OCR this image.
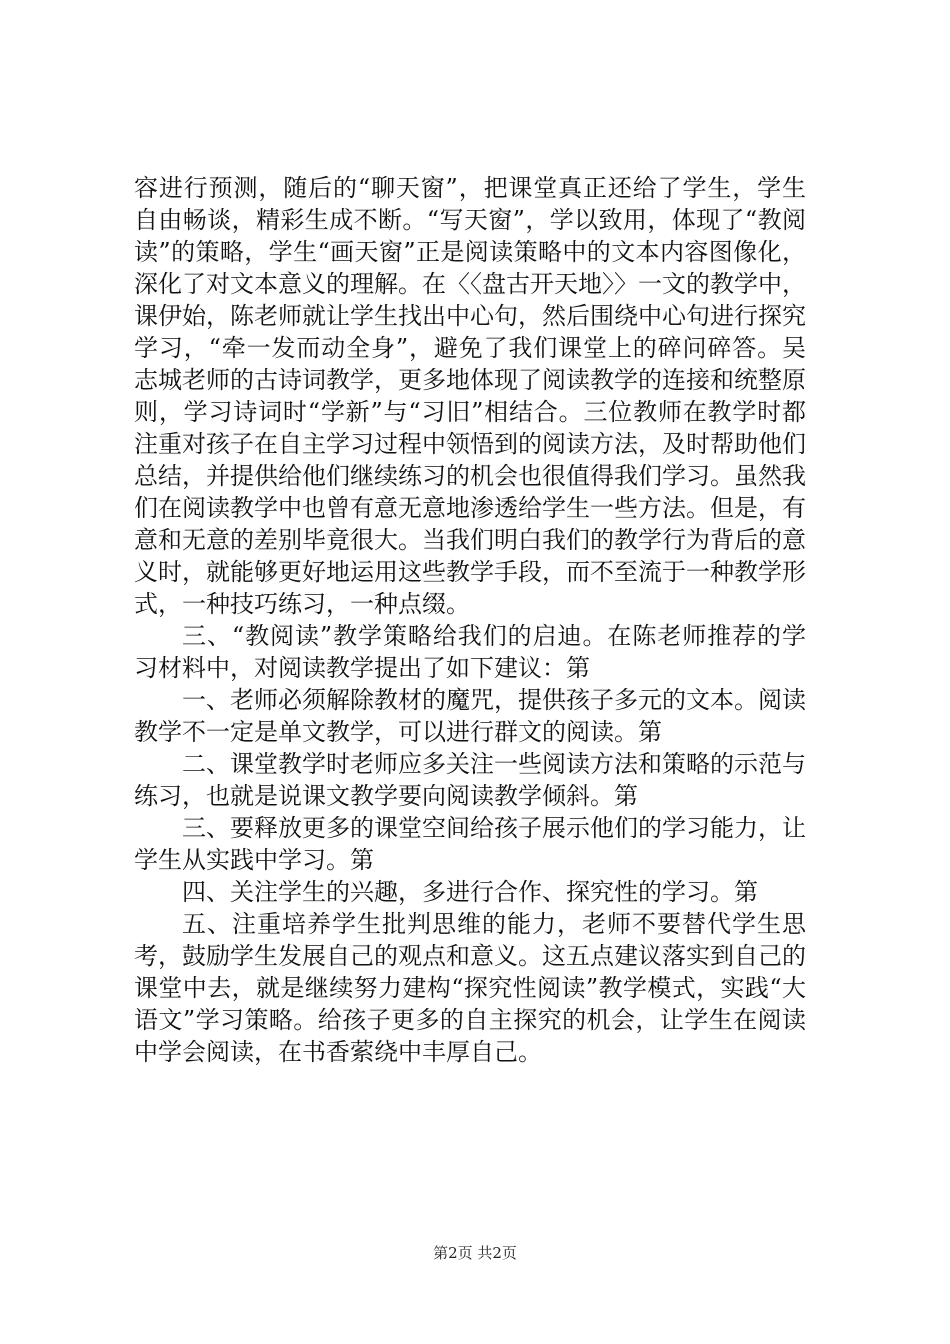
容进行预测，随后的“聊天窗”，把课堂真正还给了学生，学生自由畅谈，精彩生成不断。“写天窗”，学以致用，体现了“教阅读”的策略，学生“画天窗”正是阅读策略中的文本内容图像化，深化了对文本意义的理解。在〈〈盘古开天地〉〉一文的教学中，课伊始，陈老师就让学生找出中心句，然后围绕中心句进行探究学习，“牵一发而动全身”，避免了我们课堂上的碎问碎答。吴志城老师的古诗词教学，更多地体现了阅读教学的连接和统整原则，学习诗词时“学新”与“习旧”相结合。三位教师在教学时都注重对孩子在自主学习过程中领悟到的阅读方法，及时帮助他们总结，并提供给他们继续练习的机会也很值得我们学习。虽然我们在阅读教学中也曾有意无意地渗透给学生一些方法。但是，有意和无意的差别毕竟很大。当我们明白我们的教学行为背后的意义时，就能够更好地运用这些教学手段，而不至流于一种教学形式，一种技巧练习，一种点缀。

三、“教阅读”教学策略给我们的启迪。在陈老师推荐的学习材料中，对阅读教学提出了如下建议：第

一、老师必须解除教材的魔咒，提供孩子多元的文本。阅读教学不一定是单文教学，可以进行群文的阅读。第

二、课堂教学时老师应多关注一些阅读方法和策略的示范与练习，也就是说课文教学要向阅读教学倾斜。第

三、要释放更多的课堂空间给孩子展示他们的学习能力，让学生从实践中学习。第

四、关注学生的兴趣，多进行合作、探究性的学习。第

五、注重培养学生批判思维的能力，老师不要替代学生思考，鼓励学生发展自己的观点和意义。这五点建议落实到自己的课堂中去，就是继续努力建构“探究性阅读”教学模式，实践“大语文”学习策略。给孩子更多的自主探究的机会，让学生在阅读中学会阅读，在书香萦绕中丰厚自己。

第2页 共2页
